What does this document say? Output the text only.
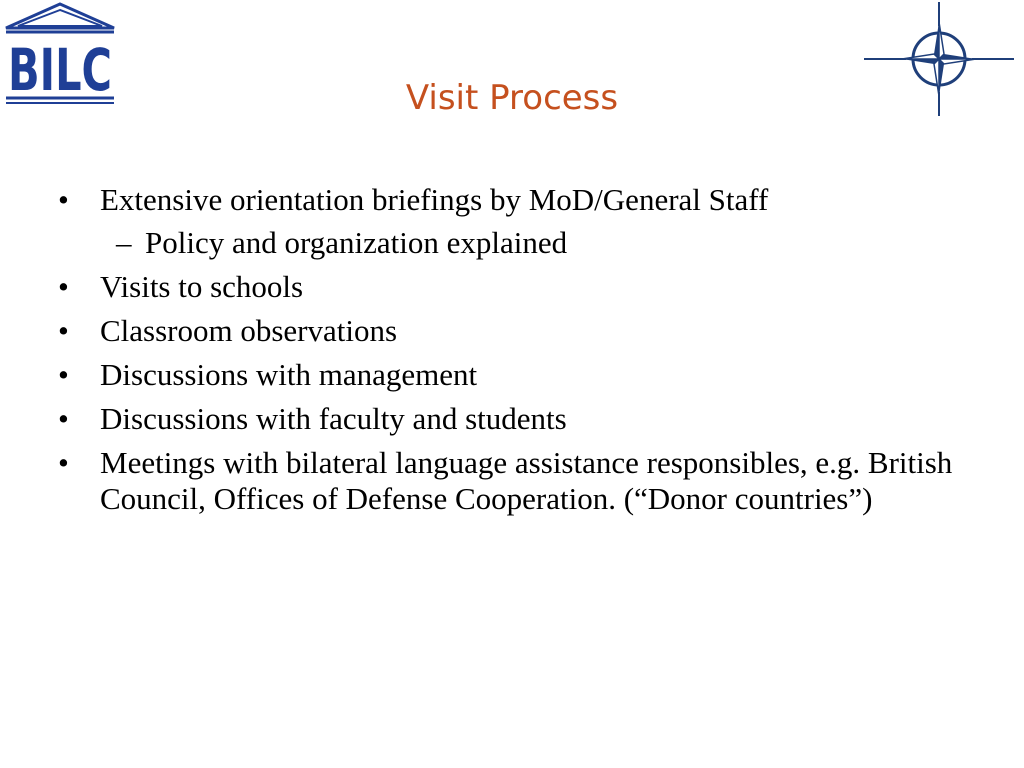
BILC	Visit Process
• Extensive orientation briefings by MoD/General Staff
– Policy and organization explained
• Visits to schools
• Classroom observations
• Discussions with management
• Discussions with faculty and students
• Meetings with bilateral language assistance responsibles, e.g. British Council, Offices of Defense Cooperation. (“Donor countries”)
